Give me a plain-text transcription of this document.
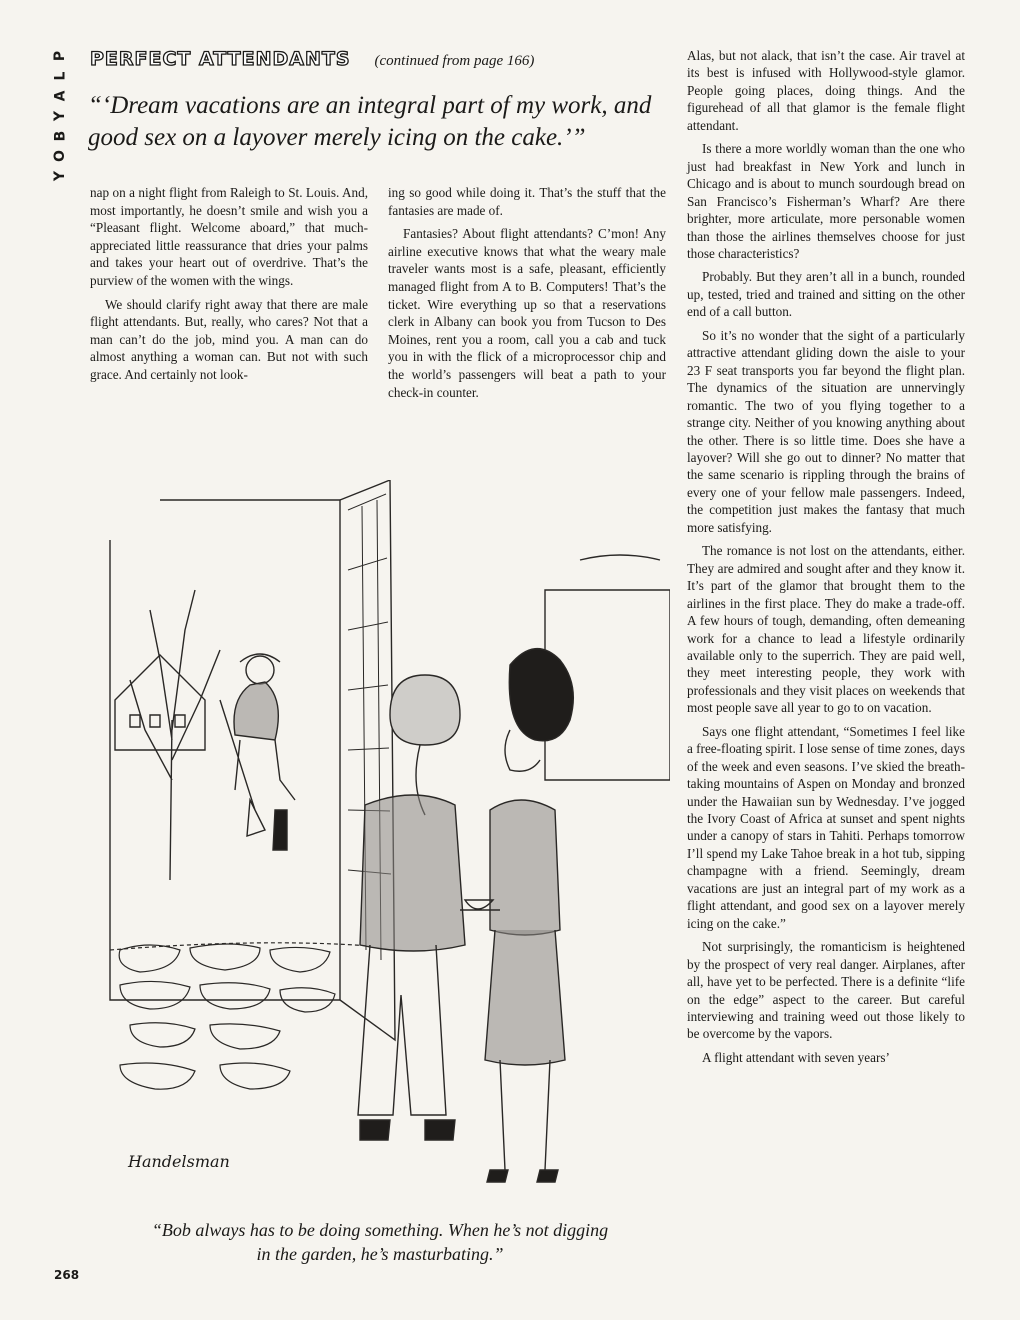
P
L
A
Y
B
O
Y
PERFECT ATTENDANTS (continued from page 166)
“‘Dream vacations are an integral part of my work, and good sex on a layover merely icing on the cake.’”

nap on a night flight from Raleigh to St. Louis. And, most importantly, he doesn’t smile and wish you a “Pleasant flight. Welcome aboard,” that much-appreciated little reassurance that dries your palms and takes your heart out of overdrive. That’s the purview of the women with the wings.

We should clarify right away that there are male flight attendants. But, really, who cares? Not that a man can’t do the job, mind you. A man can do almost anything a woman can. But not with such grace. And certainly not look-

ing so good while doing it. That’s the stuff that the fantasies are made of.

Fantasies? About flight attendants? C’mon! Any airline executive knows that what the weary male traveler wants most is a safe, pleasant, efficiently managed flight from A to B. Computers! That’s the ticket. Wire everything up so that a reservations clerk in Albany can book you from Tucson to Des Moines, rent you a room, call you a cab and tuck you in with the flick of a microprocessor chip and the world’s passengers will beat a path to your check-in counter.

Alas, but not alack, that isn’t the case. Air travel at its best is infused with Hollywood-style glamor. People going places, doing things. And the figurehead of all that glamor is the female flight attendant.

Is there a more worldly woman than the one who just had breakfast in New York and lunch in Chicago and is about to munch sourdough bread on San Francisco’s Fisherman’s Wharf? Are there brighter, more articulate, more personable women than those the airlines themselves choose for just those characteristics?

Probably. But they aren’t all in a bunch, rounded up, tested, tried and trained and sitting on the other end of a call button.

So it’s no wonder that the sight of a particularly attractive attendant gliding down the aisle to your 23 F seat transports you far beyond the flight plan. The dynamics of the situation are unnervingly romantic. The two of you flying together to a strange city. Neither of you knowing anything about the other. There is so little time. Does she have a layover? Will she go out to dinner? No matter that the same scenario is rippling through the brains of every one of your fellow male passengers. Indeed, the competition just makes the fantasy that much more satisfying.

The romance is not lost on the attendants, either. They are admired and sought after and they know it. It’s part of the glamor that brought them to the airlines in the first place. They do make a trade-off. A few hours of tough, demanding, often demeaning work for a chance to lead a lifestyle ordinarily available only to the superrich. They are paid well, they meet interesting people, they work with professionals and they visit places on weekends that most people save all year to go to on vacation.

Says one flight attendant, “Sometimes I feel like a free-floating spirit. I lose sense of time zones, days of the week and even seasons. I’ve skied the breath-taking mountains of Aspen on Monday and bronzed under the Hawaiian sun by Wednesday. I’ve jogged the Ivory Coast of Africa at sunset and spent nights under a canopy of stars in Tahiti. Perhaps tomorrow I’ll spend my Lake Tahoe break in a hot tub, sipping champagne with a friend. Seemingly, dream vacations are just an integral part of my work as a flight attendant, and good sex on a layover merely icing on the cake.”

Not surprisingly, the romanticism is heightened by the prospect of very real danger. Airplanes, after all, have yet to be perfected. There is a definite “life on the edge” aspect to the career. But careful interviewing and training weed out those likely to be overcome by the vapors.

A flight attendant with seven years’

Handelsman
“Bob always has to be doing something. When he’s not digging in the garden, he’s masturbating.”
268
